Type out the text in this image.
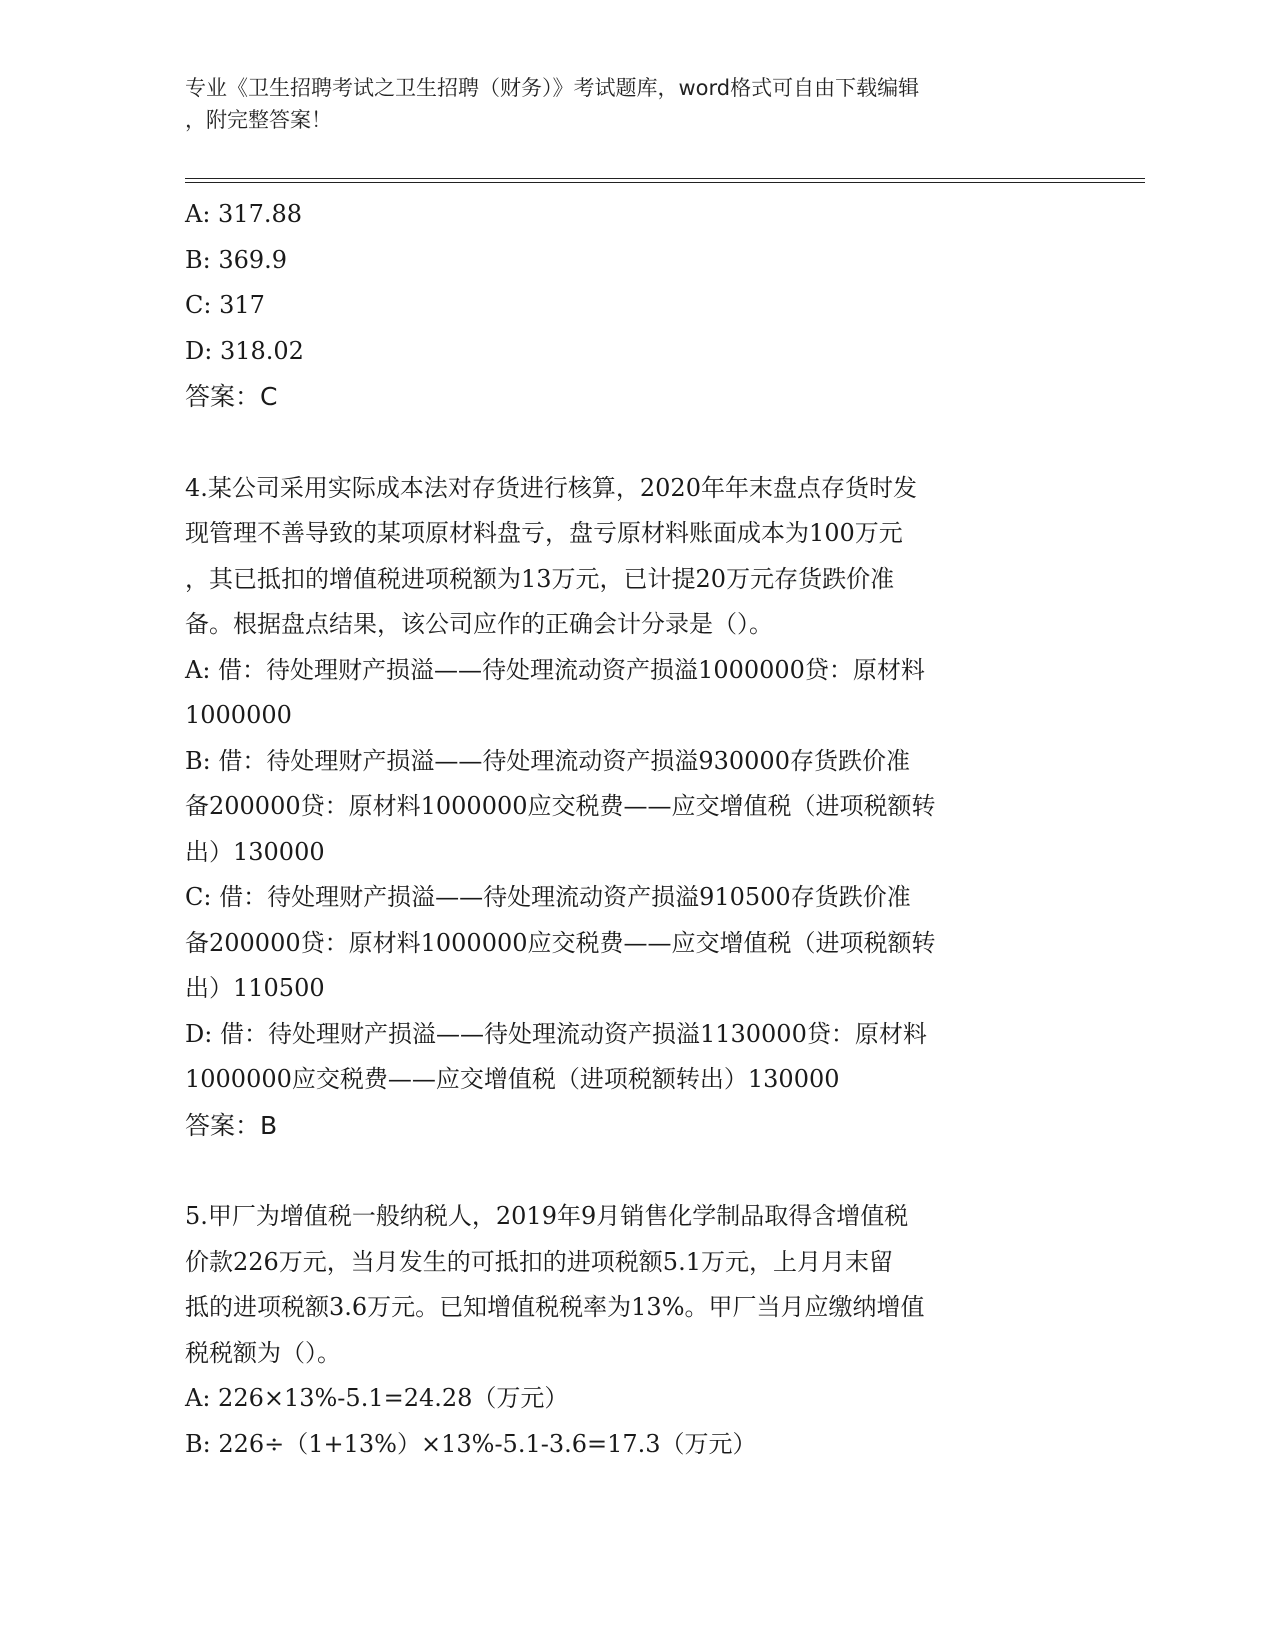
专业《卫生招聘考试之卫生招聘（财务）》考试题库，word格式可自由下载编辑
，附完整答案！
A: 317.88
B: 369.9
C: 317
D: 318.02
答案：C
4.某公司采用实际成本法对存货进行核算，2020年年末盘点存货时发
现管理不善导致的某项原材料盘亏，盘亏原材料账面成本为100万元
，其已抵扣的增值税进项税额为13万元，已计提20万元存货跌价准
备。根据盘点结果，该公司应作的正确会计分录是（）。
A: 借：待处理财产损溢——待处理流动资产损溢1000000贷：原材料
1000000
B: 借：待处理财产损溢——待处理流动资产损溢930000存货跌价准
备200000贷：原材料1000000应交税费——应交增值税（进项税额转
出）130000
C: 借：待处理财产损溢——待处理流动资产损溢910500存货跌价准
备200000贷：原材料1000000应交税费——应交增值税（进项税额转
出）110500
D: 借：待处理财产损溢——待处理流动资产损溢1130000贷：原材料
1000000应交税费——应交增值税（进项税额转出）130000
答案：B
5.甲厂为增值税一般纳税人，2019年9月销售化学制品取得含增值税
价款226万元，当月发生的可抵扣的进项税额5.1万元，上月月末留
抵的进项税额3.6万元。已知增值税税率为13%。甲厂当月应缴纳增值
税税额为（）。
A: 226×13%-5.1=24.28（万元）
B: 226÷（1+13%）×13%-5.1-3.6=17.3（万元）
